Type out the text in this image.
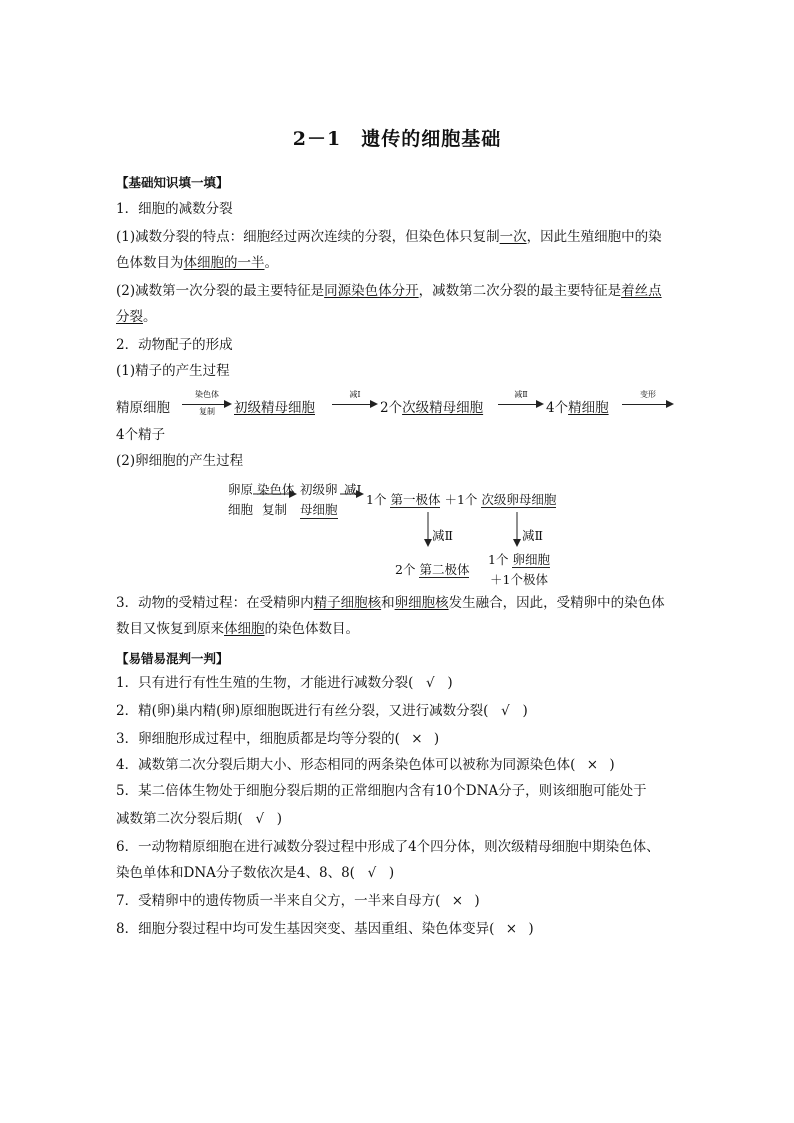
2－1　遗传的细胞基础
【基础知识填一填】
1．细胞的减数分裂
(1)减数分裂的特点：细胞经过两次连续的分裂，但染色体只复制一次，因此生殖细胞中的染
色体数目为体细胞的一半。
(2)减数第一次分裂的最主要特征是同源染色体分开，减数第二次分裂的最主要特征是着丝点
分裂。
2．动物配子的形成
(1)精子的产生过程
精原细胞
染色体
复制	初级精母细胞
减Ⅰ
2个次级精母细胞
减Ⅱ
4个精细胞
变形
4个精子
(2)卵细胞的产生过程
卵原
细胞
染色体
复制
初级卵
母细胞
减Ⅰ
1个 第一极体 ＋1个 次级卵母细胞
减Ⅱ	减Ⅱ
2个 第二极体
1个 卵细胞
＋1个极体
3．动物的受精过程：在受精卵内精子细胞核和卵细胞核发生融合，因此，受精卵中的染色体
数目又恢复到原来体细胞的染色体数目。
【易错易混判一判】
1．只有进行有性生殖的生物，才能进行减数分裂( √ )
2．精(卵)巢内精(卵)原细胞既进行有丝分裂，又进行减数分裂( √ )
3．卵细胞形成过程中，细胞质都是均等分裂的( × )
4．减数第二次分裂后期大小、形态相同的两条染色体可以被称为同源染色体( × )
5．某二倍体生物处于细胞分裂后期的正常细胞内含有10个DNA分子，则该细胞可能处于
减数第二次分裂后期( √ )
6．一动物精原细胞在进行减数分裂过程中形成了4个四分体，则次级精母细胞中期染色体、
染色单体和DNA分子数依次是4、8、8( √ )
7．受精卵中的遗传物质一半来自父方，一半来自母方( × )
8．细胞分裂过程中均可发生基因突变、基因重组、染色体变异( × )
